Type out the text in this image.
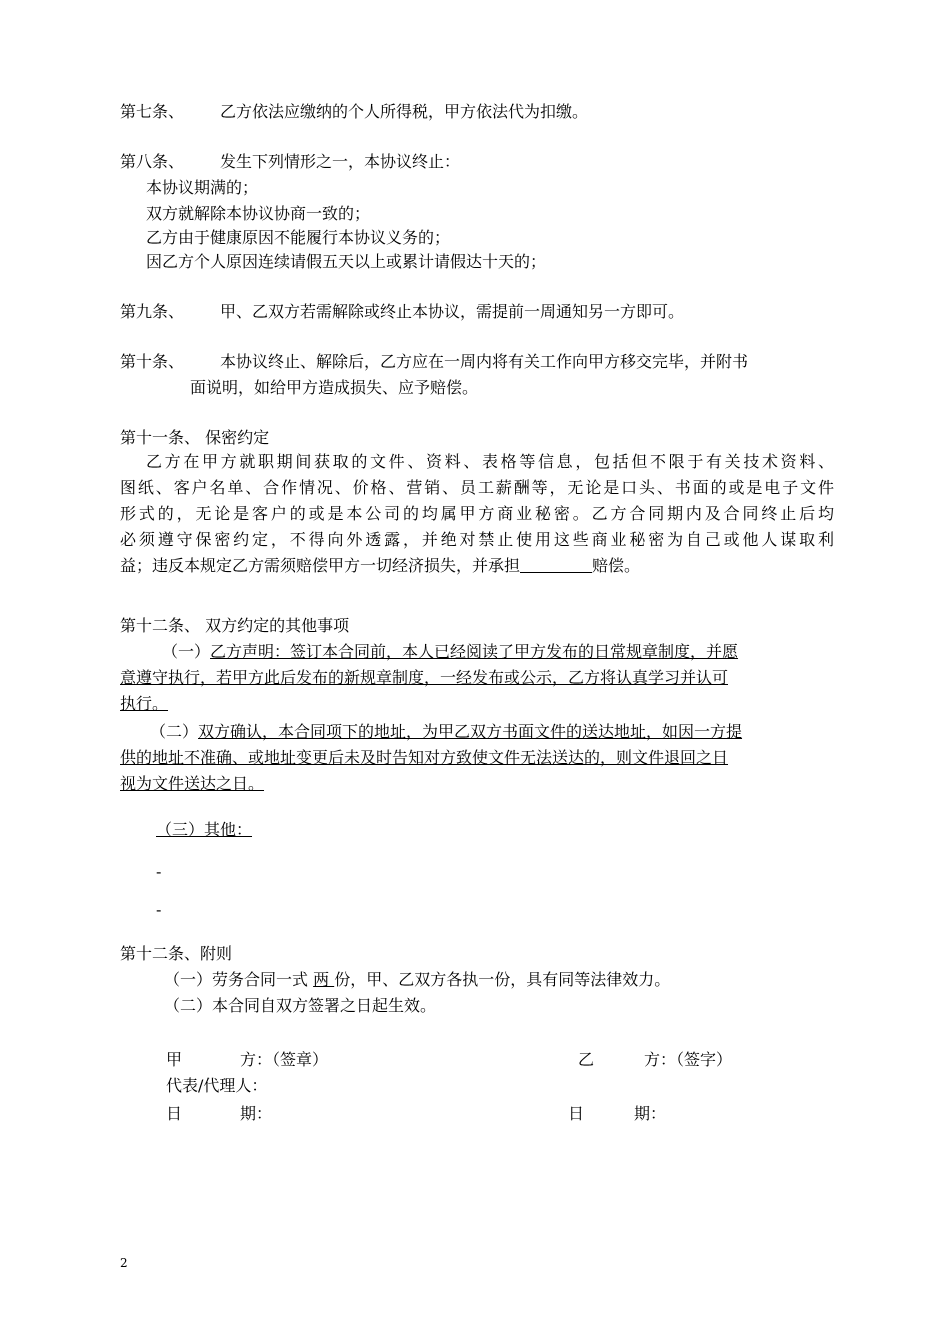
第七条、 乙方依法应缴纳的个人所得税，甲方依法代为扣缴。
第八条、 发生下列情形之一，本协议终止：
本协议期满的；
双方就解除本协议协商一致的；
乙方由于健康原因不能履行本协议义务的；
因乙方个人原因连续请假五天以上或累计请假达十天的；
第九条、 甲、乙双方若需解除或终止本协议，需提前一周通知另一方即可。
第十条、 本协议终止、解除后，乙方应在一周内将有关工作向甲方移交完毕，并附书
面说明，如给甲方造成损失、应予赔偿。
第十一条、 保密约定
乙方在甲方就职期间获取的文件、资料、表格等信息，包括但不限于有关技术资料、
图纸、客户名单、合作情况、价格、营销、员工薪酬等，无论是口头、书面的或是电子文件
形式的，无论是客户的或是本公司的均属甲方商业秘密。乙方合同期内及合同终止后均
必须遵守保密约定，不得向外透露，并绝对禁止使用这些商业秘密为自己或他人谋取利
益；违反本规定乙方需须赔偿甲方一切经济损失，并承担	赔偿。
第十二条、 双方约定的其他事项
（一）乙方声明：签订本合同前，本人已经阅读了甲方发布的日常规章制度，并愿
意遵守执行，若甲方此后发布的新规章制度，一经发布或公示，乙方将认真学习并认可
执行。
（二）双方确认，本合同项下的地址，为甲乙双方书面文件的送达地址，如因一方提
供的地址不准确、或地址变更后未及时告知对方致使文件无法送达的，则文件退回之日
视为文件送达之日。
（三）其他：
-
-
第十二条、附则
（一）劳务合同一式 两 份，甲、乙双方各执一份，具有同等法律效力。
（二）本合同自双方签署之日起生效。
甲	方：（签章）	乙	方：（签字）
代表/代理人：
日	期：	日	期：
2
